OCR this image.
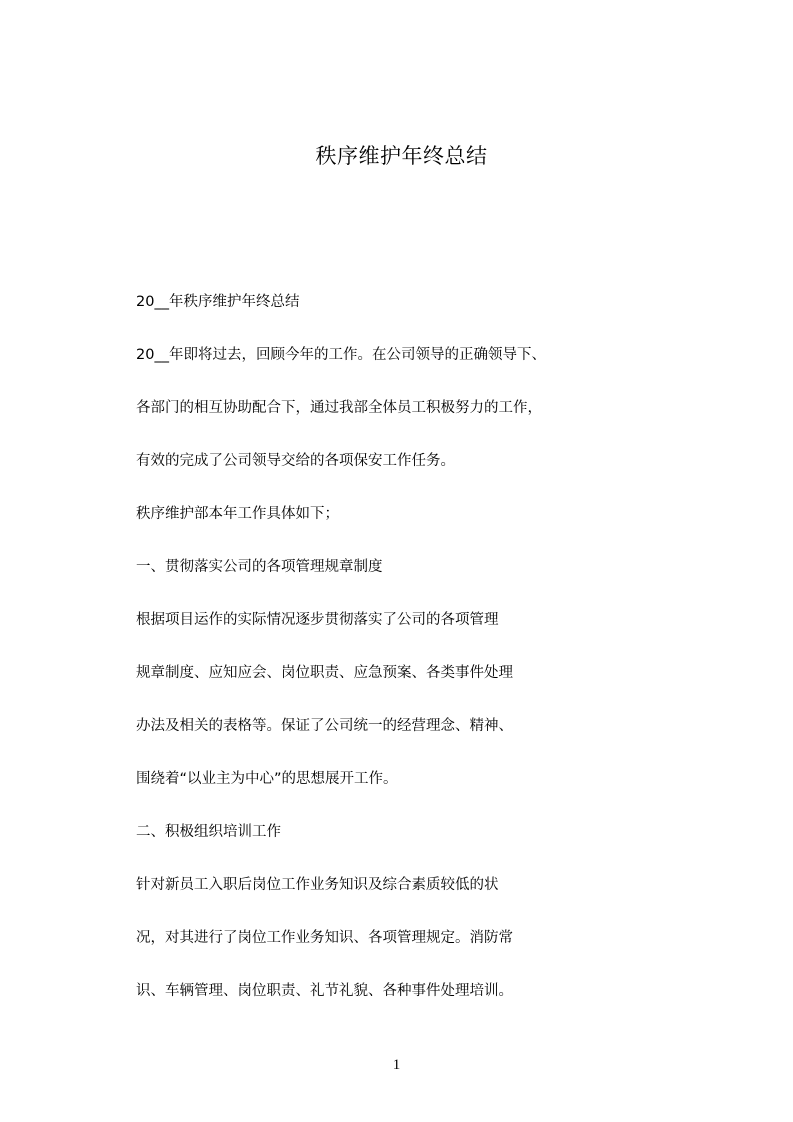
秩序维护年终总结
20__年秩序维护年终总结
20__年即将过去，回顾今年的工作。在公司领导的正确领导下、
各部门的相互协助配合下，通过我部全体员工积极努力的工作，
有效的完成了公司领导交给的各项保安工作任务。
秩序维护部本年工作具体如下；
一、贯彻落实公司的各项管理规章制度
根据项目运作的实际情况逐步贯彻落实了公司的各项管理
规章制度、应知应会、岗位职责、应急预案、各类事件处理
办法及相关的表格等。保证了公司统一的经营理念、精神、
围绕着“以业主为中心”的思想展开工作。
二、积极组织培训工作
针对新员工入职后岗位工作业务知识及综合素质较低的状
况，对其进行了岗位工作业务知识、各项管理规定。消防常
识、车辆管理、岗位职责、礼节礼貌、各种事件处理培训。
1
